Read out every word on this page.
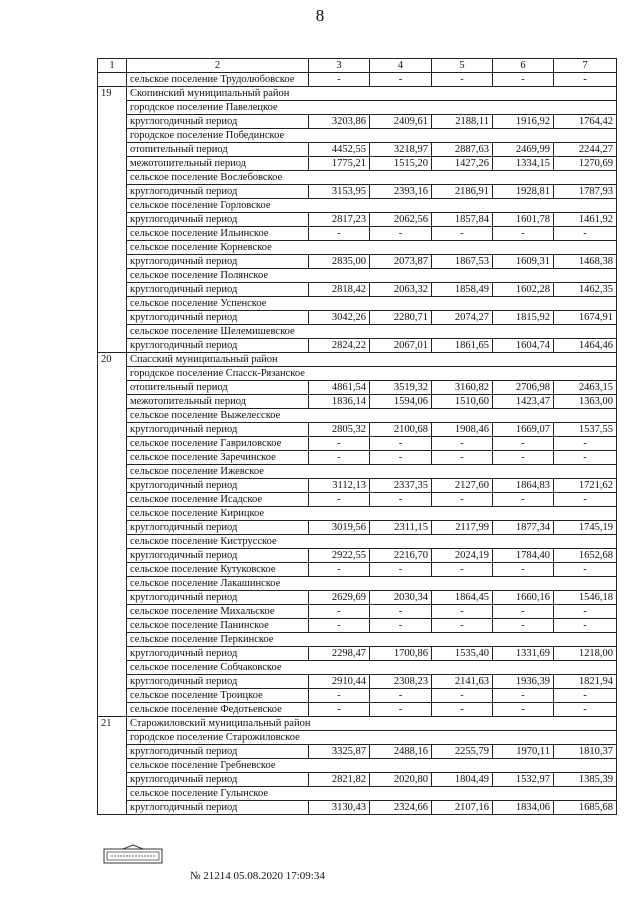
8
1	2	3	4	5	6	7
	сельское поселение Трудолюбовское	-	-	-	-	-
19	Скопинский муниципальный район					
	городское поселение Павелецкое					
	круглогодичный период	3203,86	2409,61	2188,11	1916,92	1764,42
	городское поселение Побединское					
	отопительный период	4452,55	3218,97	2887,63	2469,99	2244,27
	межотопительный период	1775,21	1515,20	1427,26	1334,15	1270,69
	сельское поселение Вослебовское					
	круглогодичный период	3153,95	2393,16	2186,91	1928,81	1787,93
	сельское поселение Горловское					
	круглогодичный период	2817,23	2062,56	1857,84	1601,78	1461,92
	сельское поселение Ильинское	-	-	-	-	-
	сельское поселение Корневское					
	круглогодичный период	2835,00	2073,87	1867,53	1609,31	1468,38
	сельское поселение Полянское					
	круглогодичный период	2818,42	2063,32	1858,49	1602,28	1462,35
	сельское поселение Успенское					
	круглогодичный период	3042,26	2280,71	2074,27	1815,92	1674,91
	сельское поселение Шелемишевское					
	круглогодичный период	2824,22	2067,01	1861,65	1604,74	1464,46
20	Спасский муниципальный район					
	городское поселение Спасск-Рязанское					
	отопительный период	4861,54	3519,32	3160,82	2706,98	2463,15
	межотопительный период	1836,14	1594,06	1510,60	1423,47	1363,00
	сельское поселение Выжелесское					
	круглогодичный период	2805,32	2100,68	1908,46	1669,07	1537,55
	сельское поселение Гавриловское	-	-	-	-	-
	сельское поселение Заречинское	-	-	-	-	-
	сельское поселение Ижевское					
	круглогодичный период	3112,13	2337,35	2127,60	1864,83	1721,62
	сельское поселение Исадское	-	-	-	-	-
	сельское поселение Кирицкое					
	круглогодичный период	3019,56	2311,15	2117,99	1877,34	1745,19
	сельское поселение Киструсское					
	круглогодичный период	2922,55	2216,70	2024,19	1784,40	1652,68
	сельское поселение Кутуковское	-	-	-	-	-
	сельское поселение Лакашинское					
	круглогодичный период	2629,69	2030,34	1864,45	1660,16	1546,18
	сельское поселение Михальское	-	-	-	-	-
	сельское поселение Панинское	-	-	-	-	-
	сельское поселение Перкинское					
	круглогодичный период	2298,47	1700,86	1535,40	1331,69	1218,00
	сельское поселение Собчаковское					
	круглогодичный период	2910,44	2308,23	2141,63	1936,39	1821,94
	сельское поселение Троицкое	-	-	-	-	-
	сельское поселение Федотьевское	-	-	-	-	-
21	Старожиловский муниципальный район					
	городское поселение Старожиловское					
	круглогодичный период	3325,87	2488,16	2255,79	1970,11	1810,37
	сельское поселение Гребневское					
	круглогодичный период	2821,82	2020,80	1804,49	1532,97	1385,39
	сельское поселение Гулынское					
	круглогодичный период	3130,43	2324,66	2107,16	1834,06	1685,68
№ 21214 05.08.2020 17:09:34
